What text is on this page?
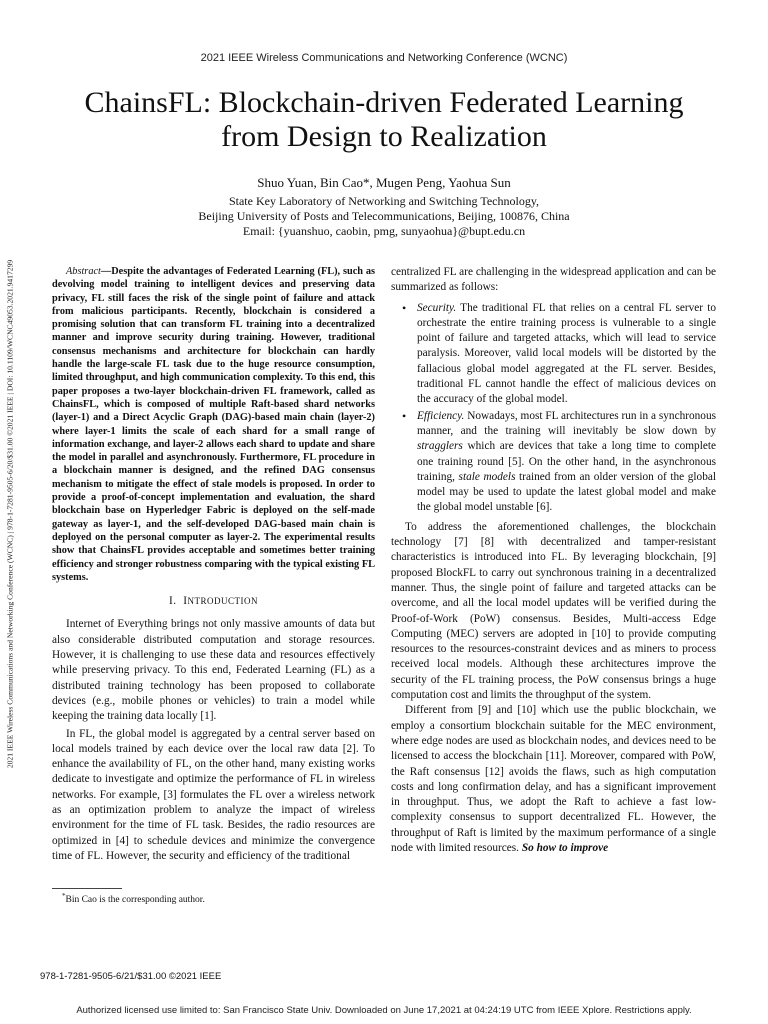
2021 IEEE Wireless Communications and Networking Conference (WCNC)
ChainsFL: Blockchain-driven Federated Learning
from Design to Realization
Shuo Yuan, Bin Cao*, Mugen Peng, Yaohua Sun
State Key Laboratory of Networking and Switching Technology,
Beijing University of Posts and Telecommunications, Beijing, 100876, China
Email: {yuanshuo, caobin, pmg, sunyaohua}@bupt.edu.cn
2021 IEEE Wireless Communications and Networking Conference (WCNC) | 978-1-7281-9505-6/20/$31.00 ©2021 IEEE | DOI: 10.1109/WCNC49053.2021.9417299	Abstract—Despite the advantages of Federated Learning (FL), such as devolving model training to intelligent devices and preserving data privacy, FL still faces the risk of the single point of failure and attack from malicious participants. Recently, blockchain is considered a promising solution that can transform FL training into a decentralized manner and improve security during training. However, traditional consensus mechanisms and architecture for blockchain can hardly handle the large-scale FL task due to the huge resource consumption, limited throughput, and high communication complexity. To this end, this paper proposes a two-layer blockchain-driven FL framework, called as ChainsFL, which is composed of multiple Raft-based shard networks (layer-1) and a Direct Acyclic Graph (DAG)-based main chain (layer-2) where layer-1 limits the scale of each shard for a small range of information exchange, and layer-2 allows each shard to update and share the model in parallel and asynchronously. Furthermore, FL procedure in a blockchain manner is designed, and the refined DAG consensus mechanism to mitigate the effect of stale models is proposed. In order to provide a proof-of-concept implementation and evaluation, the shard blockchain base on Hyperledger Fabric is deployed on the self-made gateway as layer-1, and the self-developed DAG-based main chain is deployed on the personal computer as layer-2. The experimental results show that ChainsFL provides acceptable and sometimes better training efficiency and stronger robustness comparing with the typical existing FL systems.

I. INTRODUCTION

Internet of Everything brings not only massive amounts of data but also considerable distributed computation and storage resources. However, it is challenging to use these data and resources effectively while preserving privacy. To this end, Federated Learning (FL) as a distributed training technology has been proposed to collaborate devices (e.g., mobile phones or vehicles) to train a model while keeping the training data locally [1].

In FL, the global model is aggregated by a central server based on local models trained by each device over the local raw data [2]. To enhance the availability of FL, on the other hand, many existing works dedicate to investigate and optimize the performance of FL in wireless networks. For example, [3] formulates the FL over a wireless network as an optimization problem to analyze the impact of wireless environment for the time of FL task. Besides, the radio resources are optimized in [4] to schedule devices and minimize the convergence time of FL. However, the security and efficiency of the traditional

centralized FL are challenging in the widespread application and can be summarized as follows:

• Security. The traditional FL that relies on a central FL server to orchestrate the entire training process is vulnerable to a single point of failure and targeted attacks, which will lead to service paralysis. Moreover, valid local models will be distorted by the fallacious global model aggregated at the FL server. Besides, traditional FL cannot handle the effect of malicious devices on the accuracy of the global model.
• Efficiency. Nowadays, most FL architectures run in a synchronous manner, and the training will inevitably be slow down by stragglers which are devices that take a long time to complete one training round [5]. On the other hand, in the asynchronous training, stale models trained from an older version of the global model may be used to update the latest global model and make the global model unstable [6].

To address the aforementioned challenges, the blockchain technology [7] [8] with decentralized and tamper-resistant characteristics is introduced into FL. By leveraging blockchain, [9] proposed BlockFL to carry out synchronous training in a decentralized manner. Thus, the single point of failure and targeted attacks can be overcome, and all the local model updates will be verified during the Proof-of-Work (PoW) consensus. Besides, Multi-access Edge Computing (MEC) servers are adopted in [10] to provide computing resources to the resources-constraint devices and as miners to process received local models. Although these architectures improve the security of the FL training process, the PoW consensus brings a huge computation cost and limits the throughput of the system.

Different from [9] and [10] which use the public blockchain, we employ a consortium blockchain suitable for the MEC environment, where edge nodes are used as blockchain nodes, and devices need to be licensed to access the blockchain [11]. Moreover, compared with PoW, the Raft consensus [12] avoids the flaws, such as high computation costs and long confirmation delay, and has a significant improvement in throughput. Thus, we adopt the Raft to achieve a fast low-complexity consensus to support decentralized FL. However, the throughput of Raft is limited by the maximum performance of a single node with limited resources. So how to improve

*Bin Cao is the corresponding author.
978-1-7281-9505-6/21/$31.00 ©2021 IEEE
Authorized licensed use limited to: San Francisco State Univ. Downloaded on June 17,2021 at 04:24:19 UTC from IEEE Xplore. Restrictions apply.
